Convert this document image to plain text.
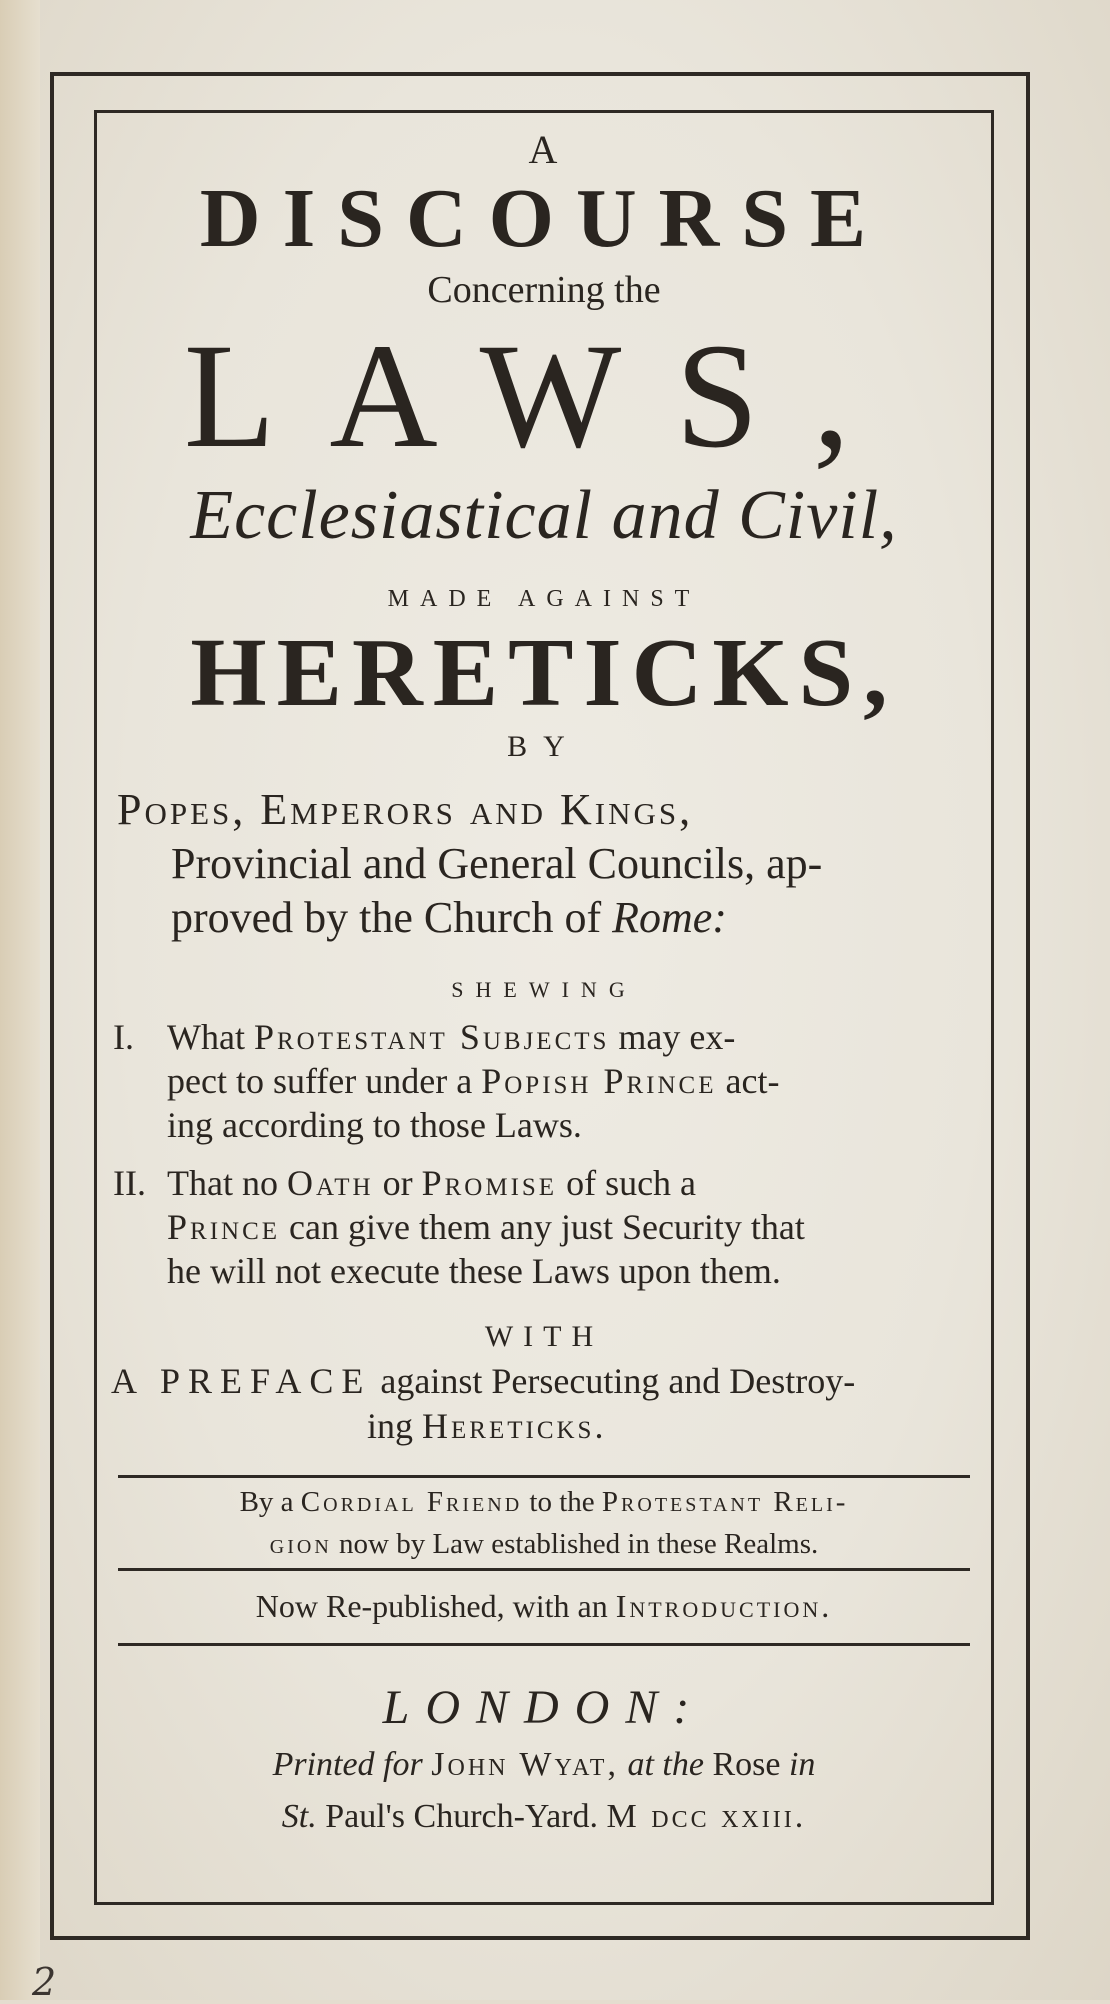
A
DISCOURSE
Concerning the
LAWS,
Ecclesiastical and Civil,
MADE AGAINST
HERETICKS,
BY
Popes, Emperors and Kings,
Provincial and General Councils, ap-
proved by the Church of Rome:
SHEWING
I. What Protestant Subjects may ex-
pect to suffer under a Popish Prince act-
ing according to those Laws.
II. That no Oath or Promise of such a
Prince can give them any just Security that
he will not execute these Laws upon them.
WITH
A PREFACE against Persecuting and Destroy-
ing Hereticks.
By a Cordial Friend to the Protestant Reli-
gion now by Law established in these Realms.
Now Re-published, with an Introduction.
LONDON:
Printed for John Wyat, at the Rose in
St. Paul's Church-Yard. M dcc xxiii.
2
